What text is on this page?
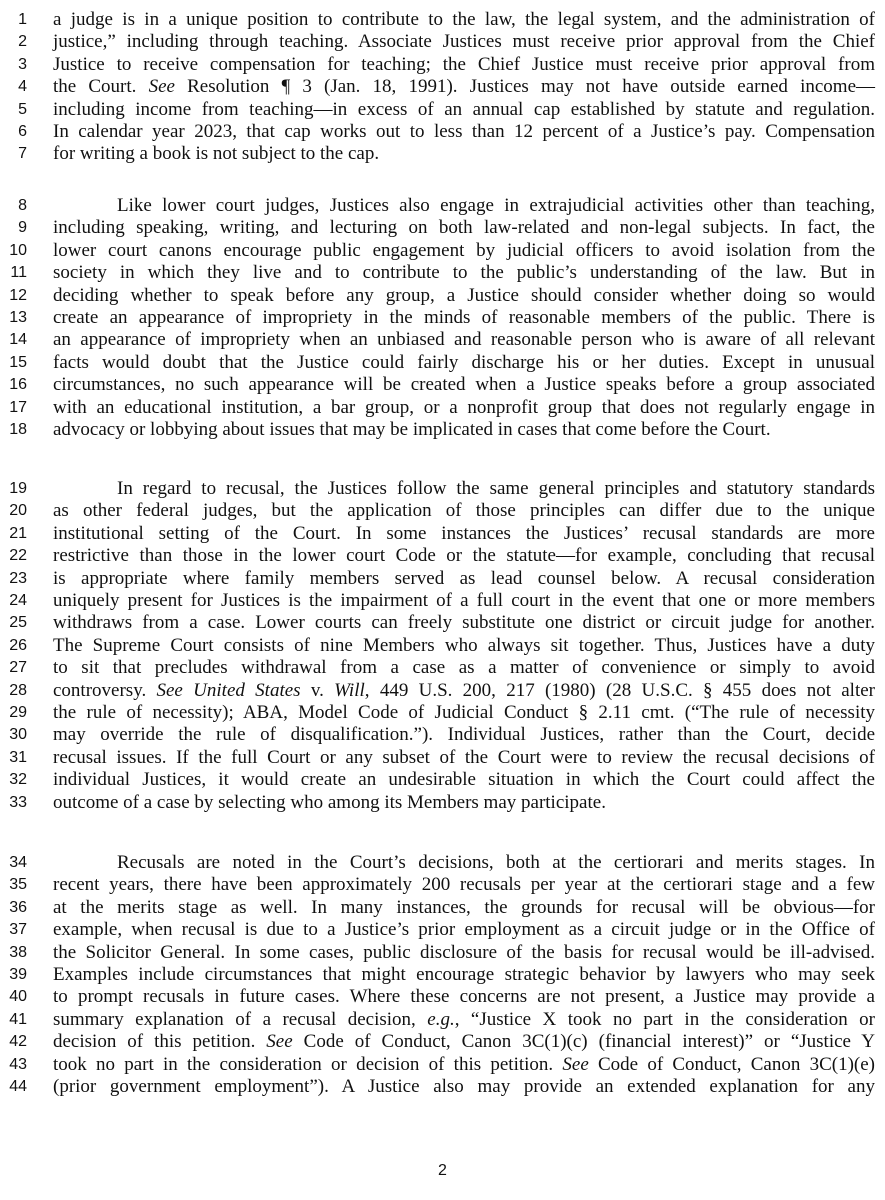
1 a judge is in a unique position to contribute to the law, the legal system, and the administration of
2 justice,” including through teaching. Associate Justices must receive prior approval from the Chief
3 Justice to receive compensation for teaching; the Chief Justice must receive prior approval from
4 the Court. See Resolution ¶ 3 (Jan. 18, 1991). Justices may not have outside earned income—
5 including income from teaching—in excess of an annual cap established by statute and regulation.
6 In calendar year 2023, that cap works out to less than 12 percent of a Justice’s pay. Compensation
7 for writing a book is not subject to the cap.
8	Like lower court judges, Justices also engage in extrajudicial activities other than teaching,
9 including speaking, writing, and lecturing on both law-related and non-legal subjects. In fact, the
10 lower court canons encourage public engagement by judicial officers to avoid isolation from the
11 society in which they live and to contribute to the public’s understanding of the law. But in
12 deciding whether to speak before any group, a Justice should consider whether doing so would
13 create an appearance of impropriety in the minds of reasonable members of the public. There is
14 an appearance of impropriety when an unbiased and reasonable person who is aware of all relevant
15 facts would doubt that the Justice could fairly discharge his or her duties. Except in unusual
16 circumstances, no such appearance will be created when a Justice speaks before a group associated
17 with an educational institution, a bar group, or a nonprofit group that does not regularly engage in
18 advocacy or lobbying about issues that may be implicated in cases that come before the Court.
19	In regard to recusal, the Justices follow the same general principles and statutory standards
20 as other federal judges, but the application of those principles can differ due to the unique
21 institutional setting of the Court. In some instances the Justices’ recusal standards are more
22 restrictive than those in the lower court Code or the statute—for example, concluding that recusal
23 is appropriate where family members served as lead counsel below. A recusal consideration
24 uniquely present for Justices is the impairment of a full court in the event that one or more members
25 withdraws from a case. Lower courts can freely substitute one district or circuit judge for another.
26 The Supreme Court consists of nine Members who always sit together. Thus, Justices have a duty
27 to sit that precludes withdrawal from a case as a matter of convenience or simply to avoid
28 controversy. See United States v. Will, 449 U.S. 200, 217 (1980) (28 U.S.C. § 455 does not alter
29 the rule of necessity); ABA, Model Code of Judicial Conduct § 2.11 cmt. (“The rule of necessity
30 may override the rule of disqualification.”). Individual Justices, rather than the Court, decide
31 recusal issues. If the full Court or any subset of the Court were to review the recusal decisions of
32 individual Justices, it would create an undesirable situation in which the Court could affect the
33 outcome of a case by selecting who among its Members may participate.
34	Recusals are noted in the Court’s decisions, both at the certiorari and merits stages. In
35 recent years, there have been approximately 200 recusals per year at the certiorari stage and a few
36 at the merits stage as well. In many instances, the grounds for recusal will be obvious—for
37 example, when recusal is due to a Justice’s prior employment as a circuit judge or in the Office of
38 the Solicitor General. In some cases, public disclosure of the basis for recusal would be ill-advised.
39 Examples include circumstances that might encourage strategic behavior by lawyers who may seek
40 to prompt recusals in future cases. Where these concerns are not present, a Justice may provide a
41 summary explanation of a recusal decision, e.g., “Justice X took no part in the consideration or
42 decision of this petition. See Code of Conduct, Canon 3C(1)(c) (financial interest)” or “Justice Y
43 took no part in the consideration or decision of this petition. See Code of Conduct, Canon 3C(1)(e)
44 (prior government employment”). A Justice also may provide an extended explanation for any
2
